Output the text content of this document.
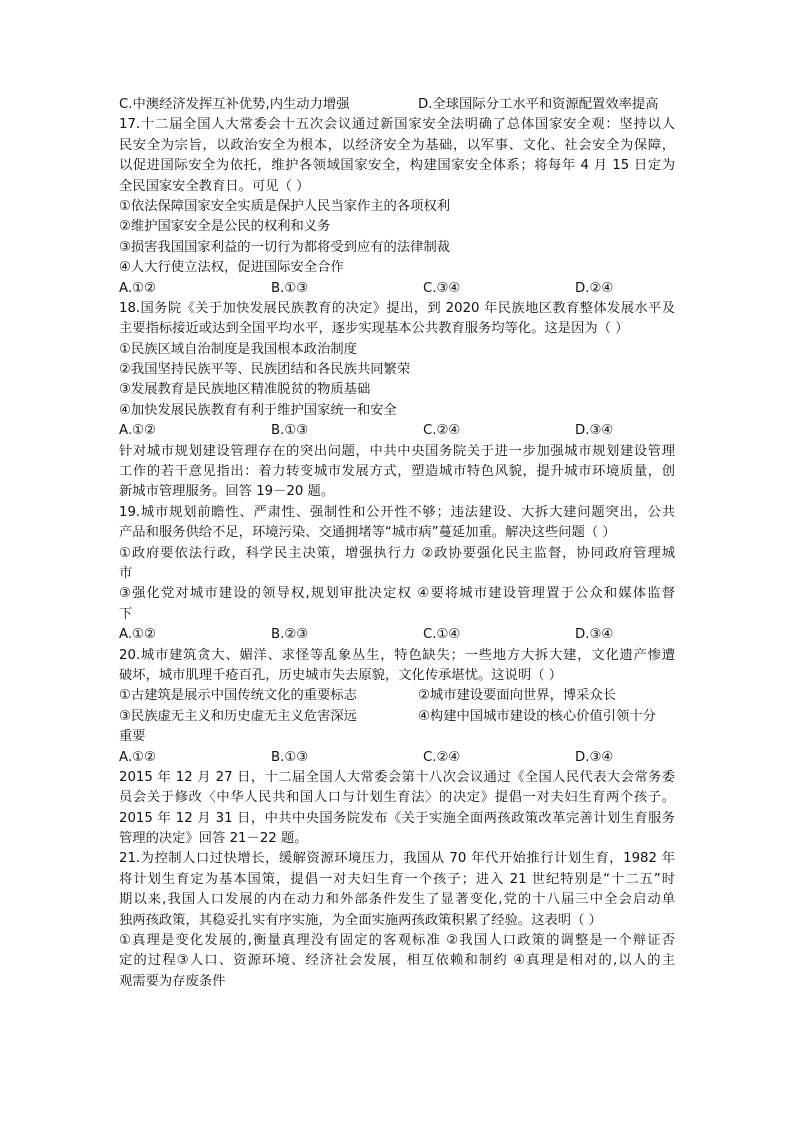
C.中澳经济发挥互补优势,内生动力增强	D.全球国际分工水平和资源配置效率提高
17.十二届全国人大常委会十五次会议通过新国家安全法明确了总体国家安全观：坚持以人
民安全为宗旨，以政治安全为根本，以经济安全为基础，以军事、文化、社会安全为保障，
以促进国际安全为依托，维护各领域国家安全，构建国家安全体系；将每年 4 月 15 日定为
全民国家安全教育日。可见（ ）
①依法保障国家安全实质是保护人民当家作主的各项权利
②维护国家安全是公民的权利和义务
③损害我国国家利益的一切行为都将受到应有的法律制裁
④人大行使立法权，促进国际安全合作
A.①②	B.①③	C.③④	D.②④
18.国务院《关于加快发展民族教育的决定》提出，到 2020 年民族地区教育整体发展水平及
主要指标接近或达到全国平均水平，逐步实现基本公共教育服务均等化。这是因为（ ）
①民族区域自治制度是我国根本政治制度
②我国坚持民族平等、民族团结和各民族共同繁荣
③发展教育是民族地区精准脱贫的物质基础
④加快发展民族教育有利于维护国家统一和安全
A.①②	B.①③	C.②④	D.③④
针对城市规划建设管理存在的突出问题，中共中央国务院关于进一步加强城市规划建设管理
工作的若干意见指出：着力转变城市发展方式，塑造城市特色风貌，提升城市环境质量，创
新城市管理服务。回答 19－20 题。
19.城市规划前瞻性、严肃性、强制性和公开性不够；违法建设、大拆大建问题突出，公共
产品和服务供给不足，环境污染、交通拥堵等“城市病”蔓延加重。解决这些问题（ ）
①政府要依法行政，科学民主决策，增强执行力 ②政协要强化民主监督，协同政府管理城
市
③强化党对城市建设的领导权,规划审批决定权 ④要将城市建设管理置于公众和媒体监督
下
A.①②	B.②③	C.①④	D.③④
20.城市建筑贪大、媚洋、求怪等乱象丛生，特色缺失；一些地方大拆大建，文化遗产惨遭
破坏，城市肌理千疮百孔，历史城市失去原貌，文化传承堪忧。这说明（ ）
①古建筑是展示中国传统文化的重要标志	②城市建设要面向世界，博采众长
③民族虚无主义和历史虚无主义危害深远	④构建中国城市建设的核心价值引领十分
重要
A.①②	B.①③	C.②④	D.③④
2015 年 12 月 27 日，十二届全国人大常委会第十八次会议通过《全国人民代表大会常务委
员会关于修改〈中华人民共和国人口与计划生育法〉的决定》提倡一对夫妇生育两个孩子。
2015 年 12 月 31 日，中共中央国务院发布《关于实施全面两孩政策改革完善计划生育服务
管理的决定》回答 21－22 题。
21.为控制人口过快增长，缓解资源环境压力，我国从 70 年代开始推行计划生育，1982 年
将计划生育定为基本国策，提倡一对夫妇生育一个孩子；进入 21 世纪特别是“十二五”时
期以来,我国人口发展的内在动力和外部条件发生了显著变化,党的十八届三中全会启动单
独两孩政策，其稳妥扎实有序实施，为全面实施两孩政策积累了经验。这表明（ ）
①真理是变化发展的,衡量真理没有固定的客观标准 ②我国人口政策的调整是一个辩证否
定的过程③人口、资源环境、经济社会发展，相互依赖和制约 ④真理是相对的,以人的主
观需要为存废条件
